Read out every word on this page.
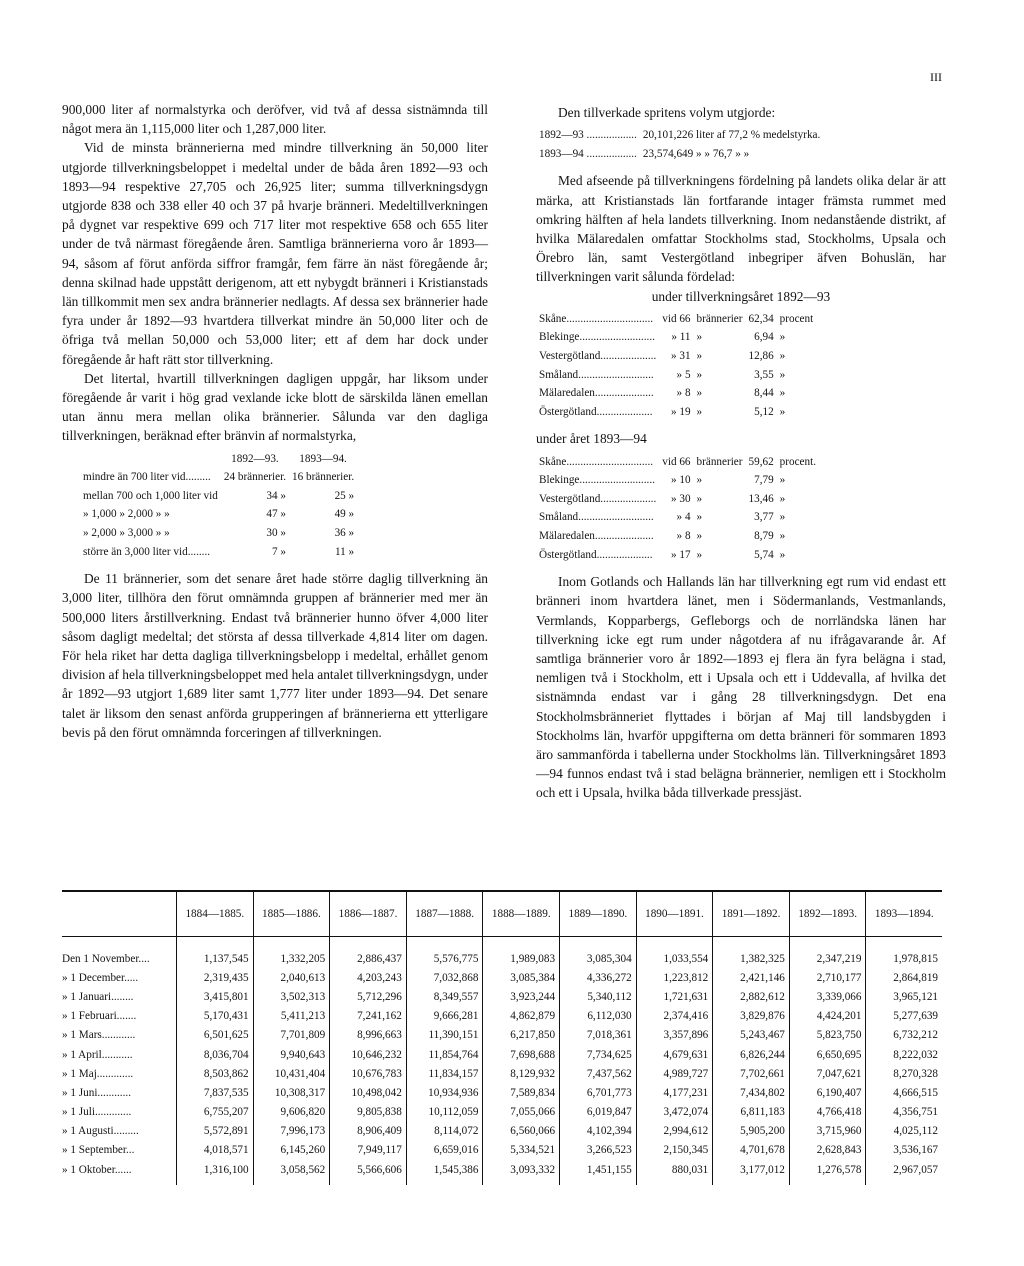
III

900,000 liter af normalstyrka och deröfver, vid två af dessa sistnämnda till något mera än 1,115,000 liter och 1,287,000 liter.

Vid de minsta brännerierna med mindre tillverkning än 50,000 liter utgjorde tillverkningsbeloppet i medeltal under de båda åren 1892—93 och 1893—94 respektive 27,705 och 26,925 liter; summa tillverkningsdygn utgjorde 838 och 338 eller 40 och 37 på hvarje bränneri. Medeltillverkningen på dygnet var respektive 699 och 717 liter mot respektive 658 och 655 liter under de två närmast föregående åren. Samtliga brännerierna voro år 1893—94, såsom af förut anförda siffror framgår, fem färre än näst föregående år; denna skilnad hade uppstått derigenom, att ett nybygdt bränneri i Kristianstads län tillkommit men sex andra brännerier nedlagts. Af dessa sex brännerier hade fyra under år 1892—93 hvartdera tillverkat mindre än 50,000 liter och de öfriga två mellan 50,000 och 53,000 liter; ett af dem har dock under föregående år haft rätt stor tillverkning.

Det litertal, hvartill tillverkningen dagligen uppgår, har liksom under föregående år varit i hög grad vexlande icke blott de särskilda länen emellan utan ännu mera mellan olika brännerier. Sålunda var den dagliga tillverkningen, beräknad efter bränvin af normalstyrka,

	1892—93.	1893—94.
mindre än 700 liter vid.........	24 brännerier.	16 brännerier.
mellan 700 och 1,000 liter vid	34 »	25 »
» 1,000 » 2,000 » »	47 »	49 »
» 2,000 » 3,000 » »	30 »	36 »
större än 3,000 liter vid........	7 »	11 »

De 11 brännerier, som det senare året hade större daglig tillverkning än 3,000 liter, tillhöra den förut omnämnda gruppen af brännerier med mer än 500,000 liters årstillverkning. Endast två brännerier hunno öfver 4,000 liter såsom dagligt medeltal; det största af dessa tillverkade 4,814 liter om dagen. För hela riket har detta dagliga tillverkningsbelopp i medeltal, erhållet genom division af hela tillverkningsbeloppet med hela antalet tillverkningsdygn, under år 1892—93 utgjort 1,689 liter samt 1,777 liter under 1893—94. Det senare talet är liksom den senast anförda grupperingen af brännerierna ett ytterligare bevis på den förut omnämnda forceringen af tillverkningen.

Den tillverkade spritens volym utgjorde:

1892—93 ..................	20,101,226 liter af 77,2 % medelstyrka.
1893—94 ..................	23,574,649 » » 76,7 » »

Med afseende på tillverkningens fördelning på landets olika delar är att märka, att Kristianstads län fortfarande intager främsta rummet med omkring hälften af hela landets tillverkning. Inom nedanstående distrikt, af hvilka Mälaredalen omfattar Stockholms stad, Stockholms, Upsala och Örebro län, samt Vestergötland inbegriper äfven Bohuslän, har tillverkningen varit sålunda fördelad:

under tillverkningsåret 1892—93

Skåne...............................	vid 66	brännerier	62,34	procent
Blekinge...........................	» 11	»	6,94	»
Vestergötland....................	» 31	»	12,86	»
Småland...........................	» 5	»	3,55	»
Mälaredalen.....................	» 8	»	8,44	»
Östergötland....................	» 19	»	5,12	»

under året 1893—94

Skåne...............................	vid 66	brännerier	59,62	procent.
Blekinge...........................	» 10	»	7,79	»
Vestergötland....................	» 30	»	13,46	»
Småland...........................	» 4	»	3,77	»
Mälaredalen.....................	» 8	»	8,79	»
Östergötland....................	» 17	»	5,74	»

Inom Gotlands och Hallands län har tillverkning egt rum vid endast ett bränneri inom hvartdera länet, men i Södermanlands, Vestmanlands, Vermlands, Kopparbergs, Gefleborgs och de norrländska länen har tillverkning icke egt rum under någotdera af nu ifrågavarande år. Af samtliga brännerier voro år 1892—1893 ej flera än fyra belägna i stad, nemligen två i Stockholm, ett i Upsala och ett i Uddevalla, af hvilka det sistnämnda endast var i gång 28 tillverkningsdygn. Det ena Stockholmsbränneriet flyttades i början af Maj till landsbygden i Stockholms län, hvarför uppgifterna om detta bränneri för sommaren 1893 äro sammanförda i tabellerna under Stockholms län. Tillverkningsåret 1893—94 funnos endast två i stad belägna brännerier, nemligen ett i Stockholm och ett i Upsala, hvilka båda tillverkade pressjäst.

	1884—1885.	1885—1886.	1886—1887.	1887—1888.	1888—1889.	1889—1890.	1890—1891.	1891—1892.	1892—1893.	1893—1894.
Den 1 November....	1,137,545	1,332,205	2,886,437	5,576,775	1,989,083	3,085,304	1,033,554	1,382,325	2,347,219	1,978,815
» 1 December.....	2,319,435	2,040,613	4,203,243	7,032,868	3,085,384	4,336,272	1,223,812	2,421,146	2,710,177	2,864,819
» 1 Januari........	3,415,801	3,502,313	5,712,296	8,349,557	3,923,244	5,340,112	1,721,631	2,882,612	3,339,066	3,965,121
» 1 Februari.......	5,170,431	5,411,213	7,241,162	9,666,281	4,862,879	6,112,030	2,374,416	3,829,876	4,424,201	5,277,639
» 1 Mars............	6,501,625	7,701,809	8,996,663	11,390,151	6,217,850	7,018,361	3,357,896	5,243,467	5,823,750	6,732,212
» 1 April...........	8,036,704	9,940,643	10,646,232	11,854,764	7,698,688	7,734,625	4,679,631	6,826,244	6,650,695	8,222,032
» 1 Maj.............	8,503,862	10,431,404	10,676,783	11,834,157	8,129,932	7,437,562	4,989,727	7,702,661	7,047,621	8,270,328
» 1 Juni............	7,837,535	10,308,317	10,498,042	10,934,936	7,589,834	6,701,773	4,177,231	7,434,802	6,190,407	4,666,515
» 1 Juli.............	6,755,207	9,606,820	9,805,838	10,112,059	7,055,066	6,019,847	3,472,074	6,811,183	4,766,418	4,356,751
» 1 Augusti.........	5,572,891	7,996,173	8,906,409	8,114,072	6,560,066	4,102,394	2,994,612	5,905,200	3,715,960	4,025,112
» 1 September...	4,018,571	6,145,260	7,949,117	6,659,016	5,334,521	3,266,523	2,150,345	4,701,678	2,628,843	3,536,167
» 1 Oktober......	1,316,100	3,058,562	5,566,606	1,545,386	3,093,332	1,451,155	880,031	3,177,012	1,276,578	2,967,057
